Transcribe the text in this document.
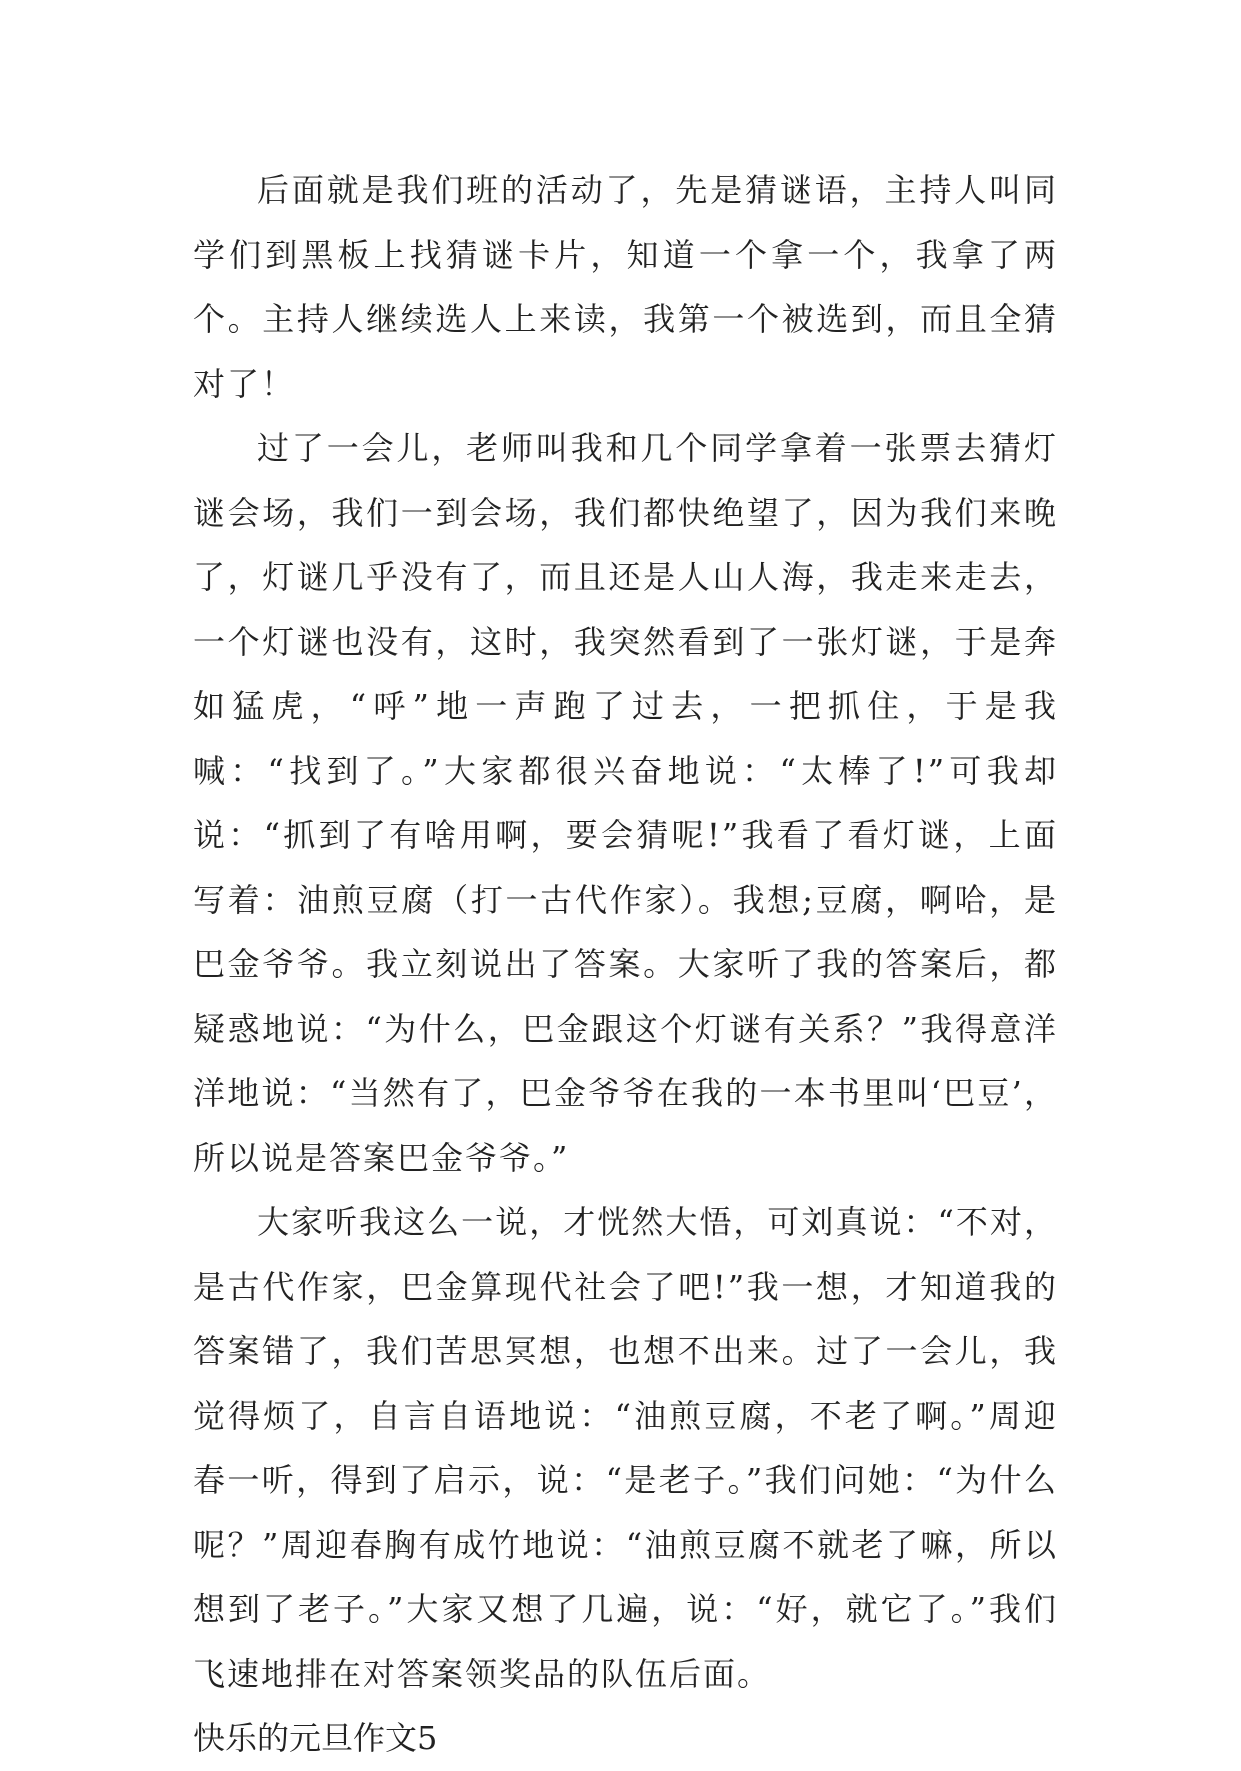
后面就是我们班的活动了，先是猜谜语，主持人叫同学们到黑板上找猜谜卡片，知道一个拿一个，我拿了两个。主持人继续选人上来读，我第一个被选到，而且全猜对了！

过了一会儿，老师叫我和几个同学拿着一张票去猜灯谜会场，我们一到会场，我们都快绝望了，因为我们来晚了，灯谜几乎没有了，而且还是人山人海，我走来走去，一个灯谜也没有，这时，我突然看到了一张灯谜，于是奔如猛虎，“呼”地一声跑了过去，一把抓住，于是我喊：“找到了。”大家都很兴奋地说：“太棒了!”可我却说：“抓到了有啥用啊，要会猜呢!”我看了看灯谜，上面写着：油煎豆腐（打一古代作家）。我想;豆腐，啊哈，是巴金爷爷。我立刻说出了答案。大家听了我的答案后，都疑惑地说：“为什么，巴金跟这个灯谜有关系？”我得意洋洋地说：“当然有了，巴金爷爷在我的一本书里叫‘巴豆’，所以说是答案巴金爷爷。”

大家听我这么一说，才恍然大悟，可刘真说：“不对，是古代作家，巴金算现代社会了吧!”我一想，才知道我的答案错了，我们苦思冥想，也想不出来。过了一会儿，我觉得烦了，自言自语地说：“油煎豆腐，不老了啊。”周迎春一听，得到了启示，说：“是老子。”我们问她：“为什么呢？”周迎春胸有成竹地说：“油煎豆腐不就老了嘛，所以想到了老子。”大家又想了几遍，说：“好，就它了。”我们飞速地排在对答案领奖品的队伍后面。

快乐的元旦作文5
